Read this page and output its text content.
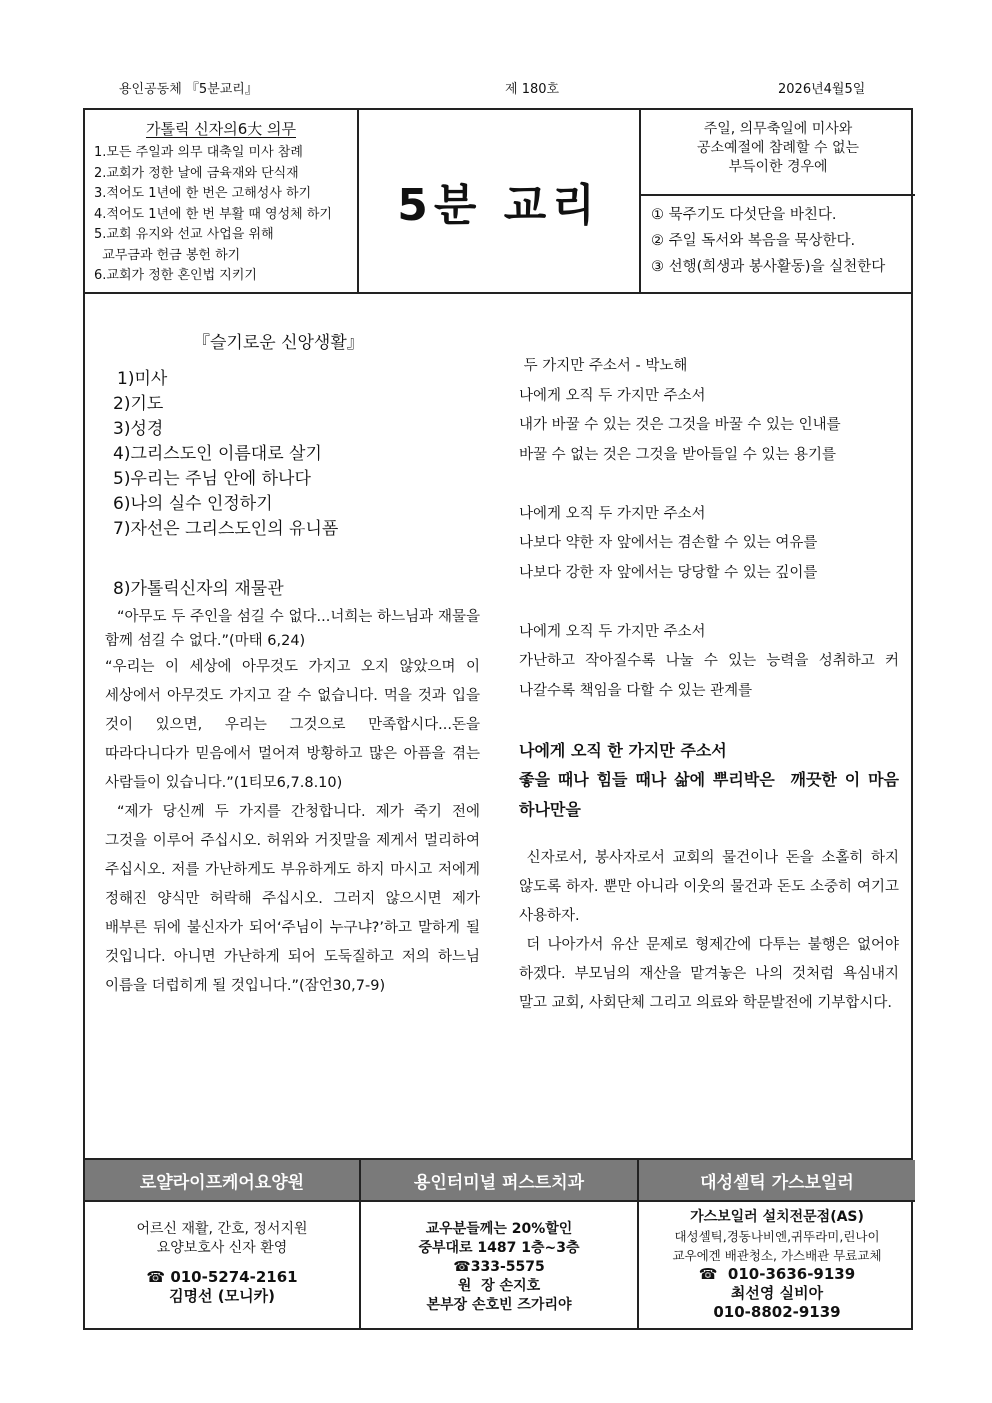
용인공동체 『5분교리』	제 180호	2026년4월5일
가톨릭 신자의6大 의무
1.모든 주일과 의무 대축일 미사 참례
2.교회가 정한 날에 금육재와 단식재
3.적어도 1년에 한 번은 고해성사 하기
4.적어도 1년에 한 번 부활 때 영성체 하기
5.교회 유지와 선교 사업을 위해
교무금과 헌금 봉헌 하기
6.교회가 정한 혼인법 지키기
5분 교리
주일, 의무축일에 미사와
공소예절에 참례할 수 없는
부득이한 경우에
① 묵주기도 다섯단을 바친다.
② 주일 독서와 복음을 묵상한다.
③ 선행(희생과 봉사활동)을 실천한다
『슬기로운 신앙생활』
1)미사
2)기도
3)성경
4)그리스도인 이름대로 살기
5)우리는 주님 안에 하나다
6)나의 실수 인정하기
7)자선은 그리스도인의 유니폼
8)가톨릭신자의 재물관

“아무도 두 주인을 섬길 수 없다...너희는 하느님과 재물을 함께 섬길 수 없다.”(마태 6,24)

“우리는 이 세상에 아무것도 가지고 오지 않았으며 이 세상에서 아무것도 가지고 갈 수 없습니다. 먹을 것과 입을 것이 있으면, 우리는 그것으로 만족합시다...돈을 따라다니다가 믿음에서 멀어져 방황하고 많은 아픔을 겪는 사람들이 있습니다.”(1티모6,7.8.10)

“제가 당신께 두 가지를 간청합니다. 제가 죽기 전에 그것을 이루어 주십시오. 허위와 거짓말을 제게서 멀리하여 주십시오. 저를 가난하게도 부유하게도 하지 마시고 저에게 정해진 양식만 허락해 주십시오. 그러지 않으시면 제가 배부른 뒤에 불신자가 되어‘주님이 누구냐?’하고 말하게 될 것입니다. 아니면 가난하게 되어 도둑질하고 저의 하느님 이름을 더럽히게 될 것입니다.”(잠언30,7-9)

두 가지만 주소서 - 박노해

나에게 오직 두 가지만 주소서

내가 바꿀 수 있는 것은 그것을 바꿀 수 있는 인내를

바꿀 수 없는 것은 그것을 받아들일 수 있는 용기를

나에게 오직 두 가지만 주소서

나보다 약한 자 앞에서는 겸손할 수 있는 여유를

나보다 강한 자 앞에서는 당당할 수 있는 깊이를

나에게 오직 두 가지만 주소서

가난하고 작아질수록 나눌 수 있는 능력을 성취하고 커 나갈수록 책임을 다할 수 있는 관계를

나에게 오직 한 가지만 주소서

좋을 때나 힘들 때나 삶에 뿌리박은  깨끗한 이 마음 하나만을

신자로서, 봉사자로서 교회의 물건이나 돈을 소홀히 하지 않도록 하자. 뿐만 아니라 이웃의 물건과 돈도 소중히 여기고 사용하자.

더 나아가서 유산 문제로 형제간에 다투는 불행은 없어야 하겠다. 부모님의 재산을 맡겨놓은 나의 것처럼 욕심내지 말고 교회, 사회단체 그리고 의료와 학문발전에 기부합시다.

로얄라이프케어요양원
어르신 재활, 간호, 정서지원
요양보호사 신자 환영
☎ 010-5274-2161
김명선 (모니카)
용인터미널 퍼스트치과
교우분들께는 20%할인
중부대로 1487 1층~3층
☎333-5575
원  장 손지호
본부장 손호빈 즈가리야
대성셀틱 가스보일러
가스보일러 설치전문점(AS)
대성셀틱,경동나비엔,귀뚜라미,린나이
교우에겐 배관청소, 가스배관 무료교체
☎  010-3636-9139
최선영 실비아
010-8802-9139
